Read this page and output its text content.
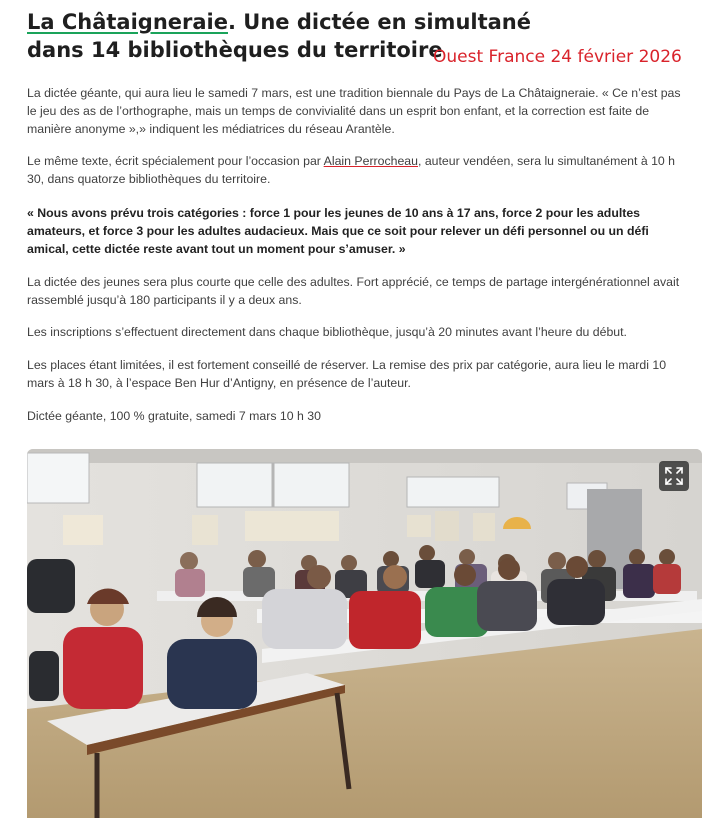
La Châtaigneraie. Une dictée en simultané dans 14 bibliothèques du territoire
Ouest France 24 février 2026

La dictée géante, qui aura lieu le samedi 7 mars, est une tradition biennale du Pays de La Châtaigneraie. « Ce n’est pas le jeu des as de l’orthographe, mais un temps de convivialité dans un esprit bon enfant, et la correction est faite de manière anonyme »,» indiquent les médiatrices du réseau Arantèle.

Le même texte, écrit spécialement pour l’occasion par Alain Perrocheau, auteur vendéen, sera lu simultanément à 10 h 30, dans quatorze bibliothèques du territoire.

« Nous avons prévu trois catégories : force 1 pour les jeunes de 10 ans à 17 ans, force 2 pour les adultes amateurs, et force 3 pour les adultes audacieux. Mais que ce soit pour relever un défi personnel ou un défi amical, cette dictée reste avant tout un moment pour s’amuser. »

La dictée des jeunes sera plus courte que celle des adultes. Fort apprécié, ce temps de partage intergénérationnel avait rassemblé jusqu’à 180 participants il y a deux ans.

Les inscriptions s’effectuent directement dans chaque bibliothèque, jusqu’à 20 minutes avant l’heure du début.

Les places étant limitées, il est fortement conseillé de réserver. La remise des prix par catégorie, aura lieu le mardi 10 mars à 18 h 30, à l’espace Ben Hur d’Antigny, en présence de l’auteur.

Dictée géante, 100 % gratuite, samedi 7 mars 10 h 30
